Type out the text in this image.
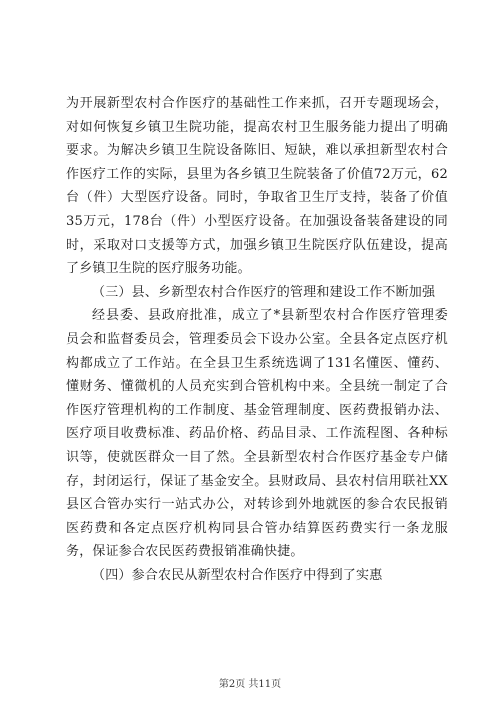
为开展新型农村合作医疗的基础性工作来抓，召开专题现场会，
对如何恢复乡镇卫生院功能，提高农村卫生服务能力提出了明确
要求。为解决乡镇卫生院设备陈旧、短缺，难以承担新型农村合
作医疗工作的实际，县里为各乡镇卫生院装备了价值72万元，62
台（件）大型医疗设备。同时，争取省卫生厅支持，装备了价值
35万元，178台（件）小型医疗设备。在加强设备装备建设的同
时，采取对口支援等方式，加强乡镇卫生院医疗队伍建设，提高
了乡镇卫生院的医疗服务功能。
（三）县、乡新型农村合作医疗的管理和建设工作不断加强
经县委、县政府批准，成立了*县新型农村合作医疗管理委
员会和监督委员会，管理委员会下设办公室。全县各定点医疗机
构都成立了工作站。在全县卫生系统选调了131名懂医、懂药、
懂财务、懂微机的人员充实到合管机构中来。全县统一制定了合
作医疗管理机构的工作制度、基金管理制度、医药费报销办法、
医疗项目收费标准、药品价格、药品目录、工作流程图、各种标
识等，使就医群众一目了然。全县新型农村合作医疗基金专户储
存，封闭运行，保证了基金安全。县财政局、县农村信用联社XX
县区合管办实行一站式办公，对转诊到外地就医的参合农民报销
医药费和各定点医疗机构同县合管办结算医药费实行一条龙服
务，保证参合农民医药费报销准确快捷。
（四）参合农民从新型农村合作医疗中得到了实惠
第2页 共11页
